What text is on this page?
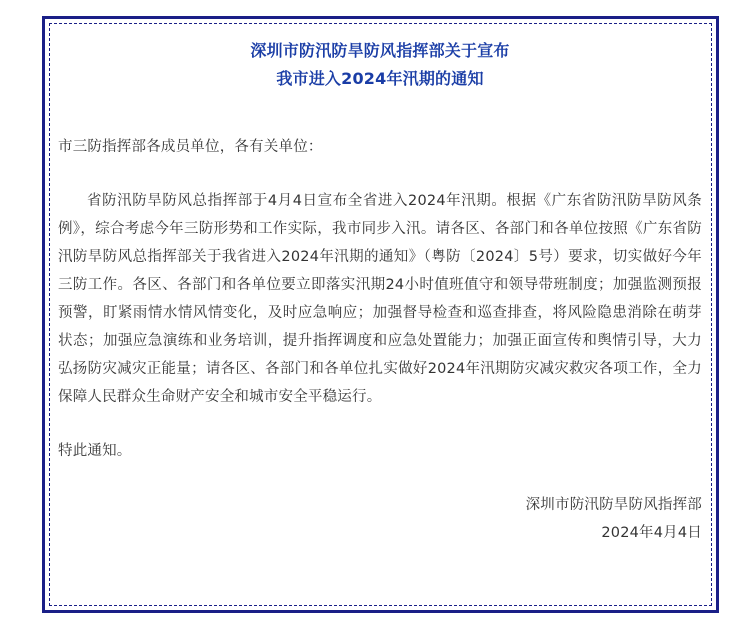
深圳市防汛防旱防风指挥部关于宣布
我市进入2024年汛期的通知

市三防指挥部各成员单位，各有关单位：

省防汛防旱防风总指挥部于4月4日宣布全省进入2024年汛期。根据《广东省防汛防旱防风条例》，综合考虑今年三防形势和工作实际，我市同步入汛。请各区、各部门和各单位按照《广东省防汛防旱防风总指挥部关于我省进入2024年汛期的通知》（粤防〔2024〕5号）要求，切实做好今年三防工作。各区、各部门和各单位要立即落实汛期24小时值班值守和领导带班制度；加强监测预报预警，盯紧雨情水情风情变化，及时应急响应；加强督导检查和巡查排查，将风险隐患消除在萌芽状态；加强应急演练和业务培训，提升指挥调度和应急处置能力；加强正面宣传和舆情引导，大力弘扬防灾减灾正能量；请各区、各部门和各单位扎实做好2024年汛期防灾减灾救灾各项工作，全力保障人民群众生命财产安全和城市安全平稳运行。

特此通知。

深圳市防汛防旱防风指挥部
2024年4月4日
